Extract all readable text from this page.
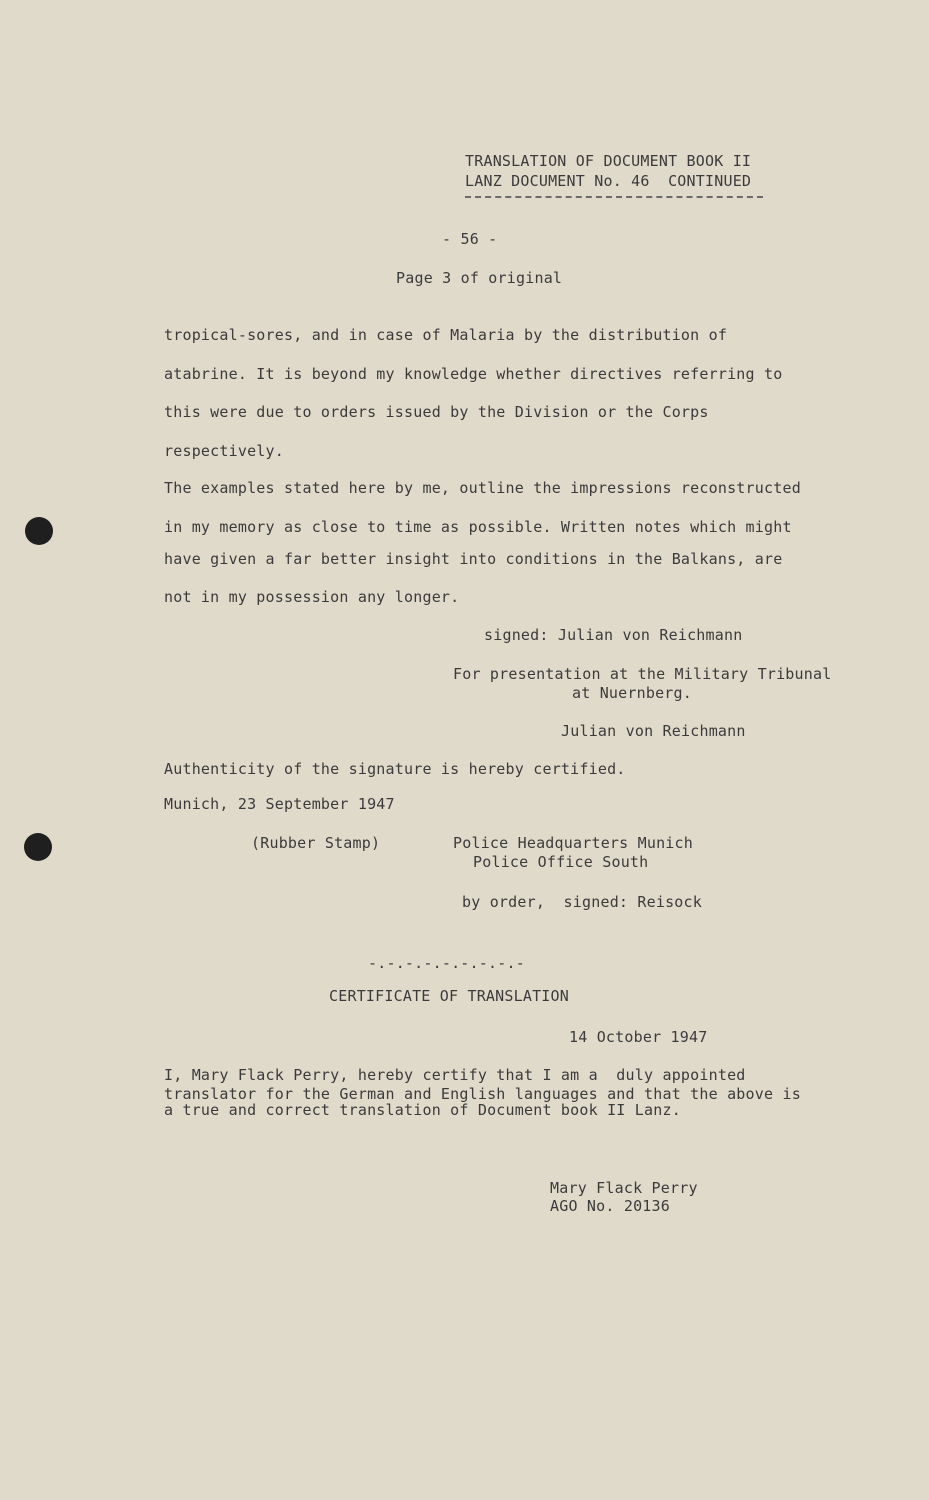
TRANSLATION OF DOCUMENT BOOK II
LANZ DOCUMENT No. 46  CONTINUED
- 56 -
Page 3 of original
tropical-sores, and in case of Malaria by the distribution of
atabrine. It is beyond my knowledge whether directives referring to
this were due to orders issued by the Division or the Corps
respectively.
The examples stated here by me, outline the impressions reconstructed
in my memory as close to time as possible. Written notes which might
have given a far better insight into conditions in the Balkans, are
not in my possession any longer.
signed: Julian von Reichmann
For presentation at the Military Tribunal
at Nuernberg.
Julian von Reichmann
Authenticity of the signature is hereby certified.
Munich, 23 September 1947
(Rubber Stamp)	Police Headquarters Munich
Police Office South
by order,  signed: Reisock
-.-.-.-.-.-.-.-.-
CERTIFICATE OF TRANSLATION
14 October 1947
I, Mary Flack Perry, hereby certify that I am a  duly appointed
translator for the German and English languages and that the above is
a true and correct translation of Document book II Lanz.
Mary Flack Perry
AGO No. 20136
